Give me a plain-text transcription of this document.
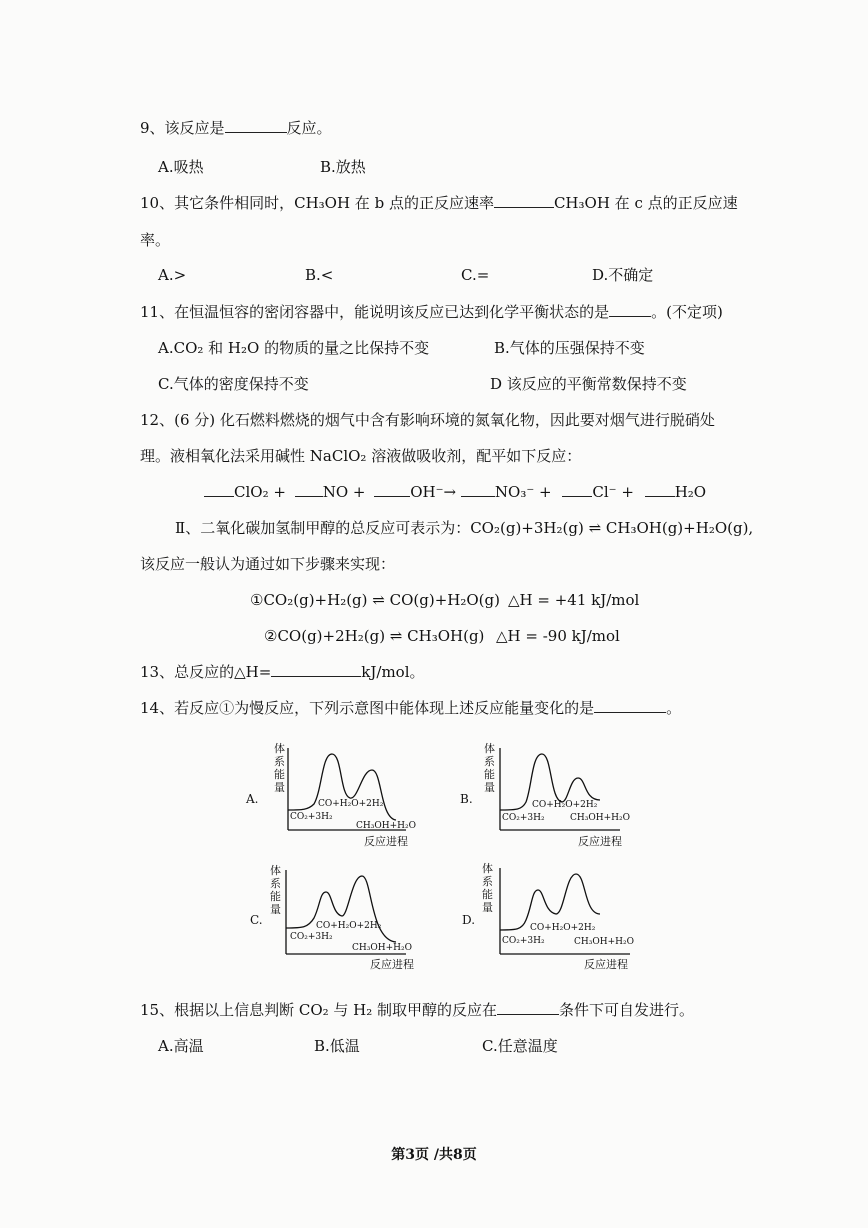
9、该反应是	反应。
A.吸热	B.放热
10、其它条件相同时，CH₃OH 在 b 点的正反应速率	CH₃OH 在 c 点的正反应速
率。
A.>	B.<	C.=	D.不确定
11、在恒温恒容的密闭容器中，能说明该反应已达到化学平衡状态的是	。(不定项)
A.CO₂ 和 H₂O 的物质的量之比保持不变	B.气体的压强保持不变
C.气体的密度保持不变	D 该反应的平衡常数保持不变
12、(6 分) 化石燃料燃烧的烟气中含有影响环境的氮氧化物，因此要对烟气进行脱硝处
理。液相氧化法采用碱性 NaClO₂ 溶液做吸收剂，配平如下反应：
ClO₂ + NO +	OH⁻→	NO₃⁻ +	Cl⁻ +	H₂O
Ⅱ、二氧化碳加氢制甲醇的总反应可表示为：CO₂(g)+3H₂(g) ⇌ CH₃OH(g)+H₂O(g),
该反应一般认为通过如下步骤来实现：
①CO₂(g)+H₂(g) ⇌ CO(g)+H₂O(g) △H = +41 kJ/mol
②CO(g)+2H₂(g) ⇌ CH₃OH(g) △H = -90 kJ/mol
13、总反应的△H=	kJ/mol。
14、若反应①为慢反应，下列示意图中能体现上述反应能量变化的是	。
A.
体系能量
CO₂+3H₂
CO+H₂O+2H₂
CH₃OH+H₂O
反应进程
B.
体系能量
CO₂+3H₂
CO+H₂O+2H₂
CH₃OH+H₂O
反应进程
C.
体系能量
CO₂+3H₂
CO+H₂O+2H₂
CH₃OH+H₂O
反应进程
D.
体系能量
CO₂+3H₂
CO+H₂O+2H₂
CH₃OH+H₂O
反应进程
15、根据以上信息判断 CO₂ 与 H₂ 制取甲醇的反应在	条件下可自发进行。
A.高温	B.低温	C.任意温度
第3页 /共8页
